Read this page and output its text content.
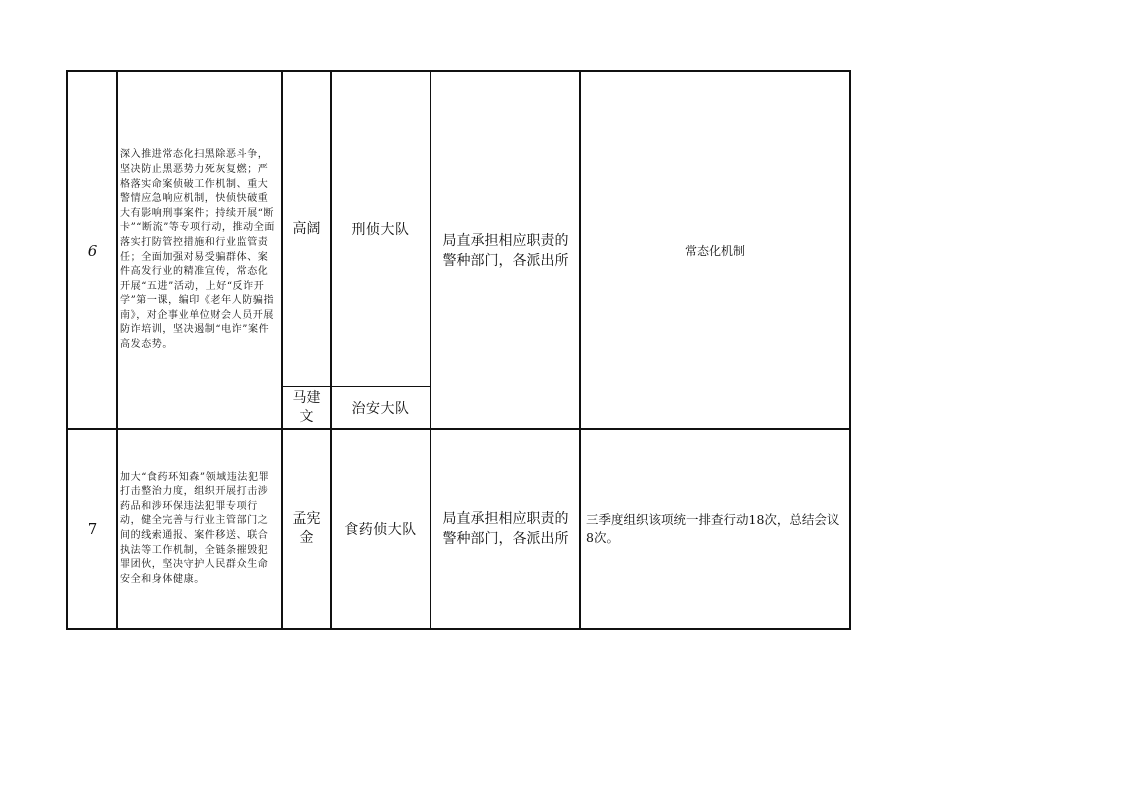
6
深入推进常态化扫黑除恶斗争，坚决防止黑恶势力死灰复燃；严格落实命案侦破工作机制、重大警情应急响应机制，快侦快破重大有影响刑事案件；持续开展“断卡”“断流”等专项行动，推动全面落实打防管控措施和行业监管责任；全面加强对易受骗群体、案件高发行业的精准宣传，常态化开展“五进”活动，上好“反诈开学”第一课，编印《老年人防骗指南》，对企事业单位财会人员开展防诈培训，坚决遏制“电诈”案件高发态势。
高阔
马建文
刑侦大队
治安大队
局直承担相应职责的警种部门，各派出所
常态化机制
7
加大“食药环知森”领域违法犯罪打击整治力度，组织开展打击涉药品和涉环保违法犯罪专项行动，健全完善与行业主管部门之间的线索通报、案件移送、联合执法等工作机制，全链条摧毁犯罪团伙，坚决守护人民群众生命安全和身体健康。
孟宪金	食药侦大队
局直承担相应职责的警种部门，各派出所
三季度组织该项统一排查行动18次，总结会议8次。
